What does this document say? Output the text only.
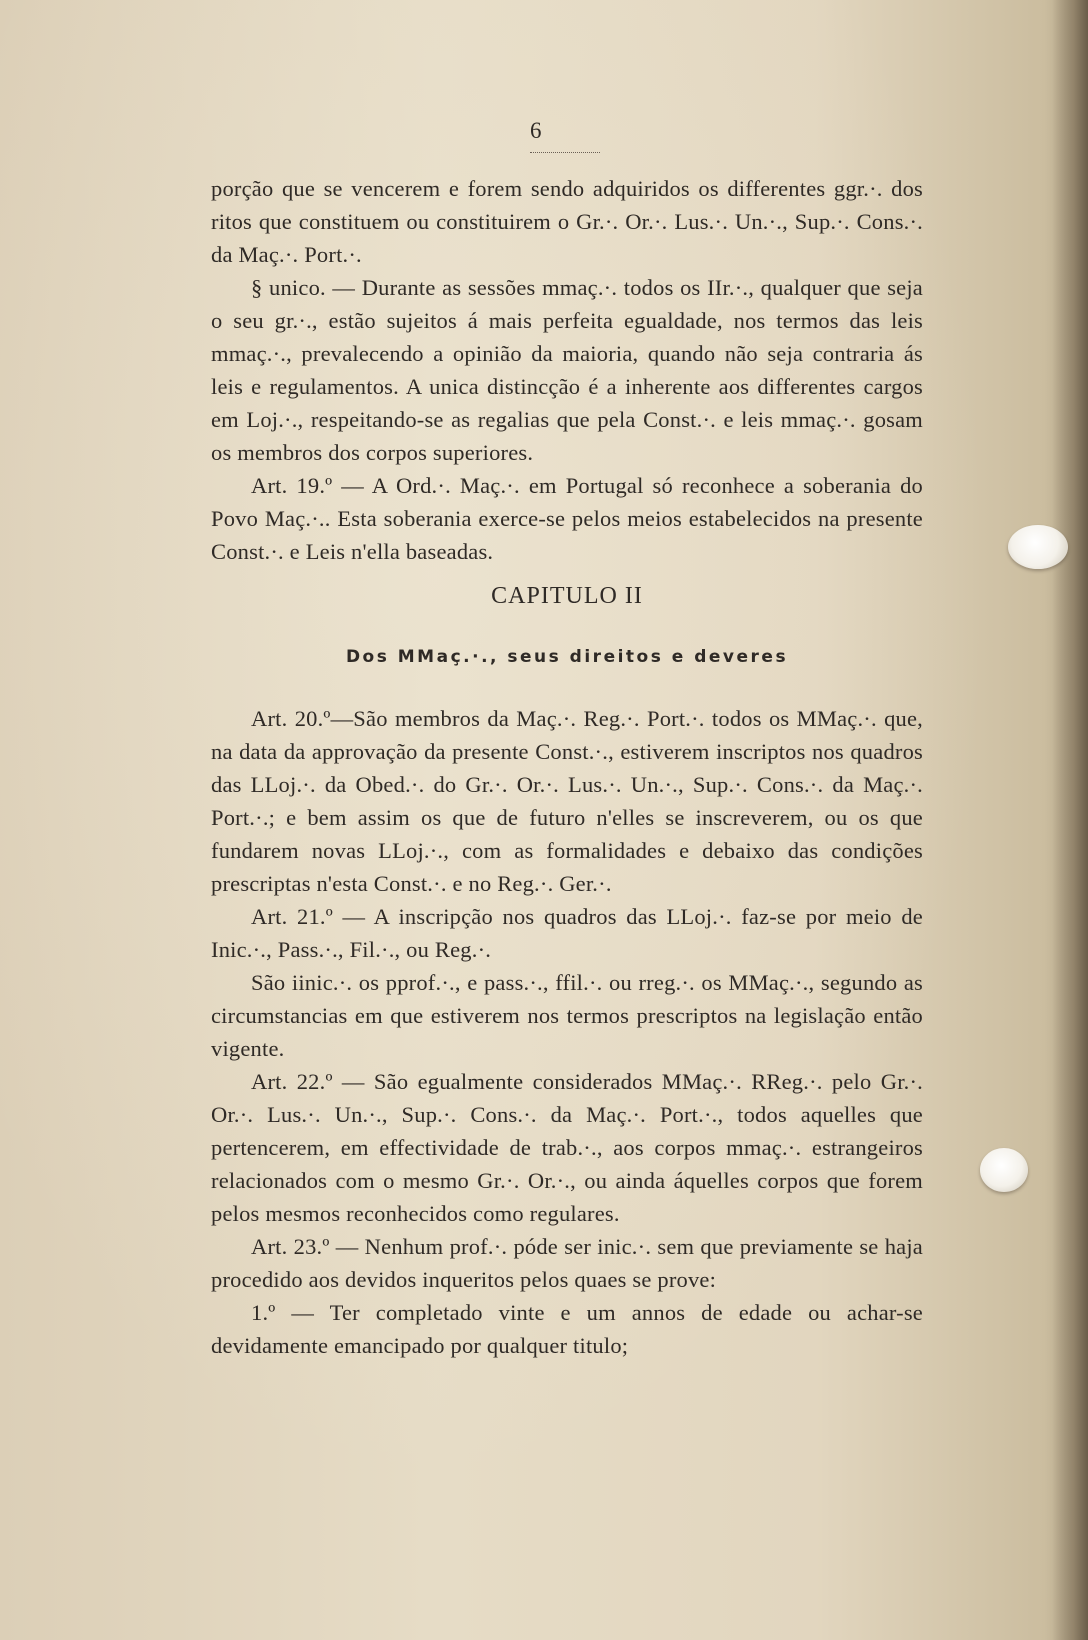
6

porção que se vencerem e forem sendo adquiridos os differentes ggr.·. dos ritos que constituem ou constituirem o Gr.·. Or.·. Lus.·. Un.·., Sup.·. Cons.·. da Maç.·. Port.·.

§ unico. — Durante as sessões mmaç.·. todos os IIr.·., qualquer que seja o seu gr.·., estão sujeitos á mais perfeita egualdade, nos termos das leis mmaç.·., prevalecendo a opinião da maioria, quando não seja contraria ás leis e regulamentos. A unica distincção é a inherente aos differentes cargos em Loj.·., respeitando-se as regalias que pela Const.·. e leis mmaç.·. gosam os membros dos corpos superiores.

Art. 19.º — A Ord.·. Maç.·. em Portugal só reconhece a soberania do Povo Maç.·.. Esta soberania exerce-se pelos meios estabelecidos na presente Const.·. e Leis n'ella baseadas.

CAPITULO II
Dos MMaç.·., seus direitos e deveres

Art. 20.º—São membros da Maç.·. Reg.·. Port.·. todos os MMaç.·. que, na data da approvação da presente Const.·., estiverem inscriptos nos quadros das LLoj.·. da Obed.·. do Gr.·. Or.·. Lus.·. Un.·., Sup.·. Cons.·. da Maç.·. Port.·.; e bem assim os que de futuro n'elles se inscreverem, ou os que fundarem novas LLoj.·., com as formalidades e debaixo das condições prescriptas n'esta Const.·. e no Reg.·. Ger.·.

Art. 21.º — A inscripção nos quadros das LLoj.·. faz-se por meio de Inic.·., Pass.·., Fil.·., ou Reg.·.

São iinic.·. os pprof.·., e pass.·., ffil.·. ou rreg.·. os MMaç.·., segundo as circumstancias em que estiverem nos termos prescriptos na legislação então vigente.

Art. 22.º — São egualmente considerados MMaç.·. RReg.·. pelo Gr.·. Or.·. Lus.·. Un.·., Sup.·. Cons.·. da Maç.·. Port.·., todos aquelles que pertencerem, em effectividade de trab.·., aos corpos mmaç.·. estrangeiros relacionados com o mesmo Gr.·. Or.·., ou ainda áquelles corpos que forem pelos mesmos reconhecidos como regulares.

Art. 23.º — Nenhum prof.·. póde ser inic.·. sem que previamente se haja procedido aos devidos inqueritos pelos quaes se prove:

1.º — Ter completado vinte e um annos de edade ou achar-se devidamente emancipado por qualquer titulo;
